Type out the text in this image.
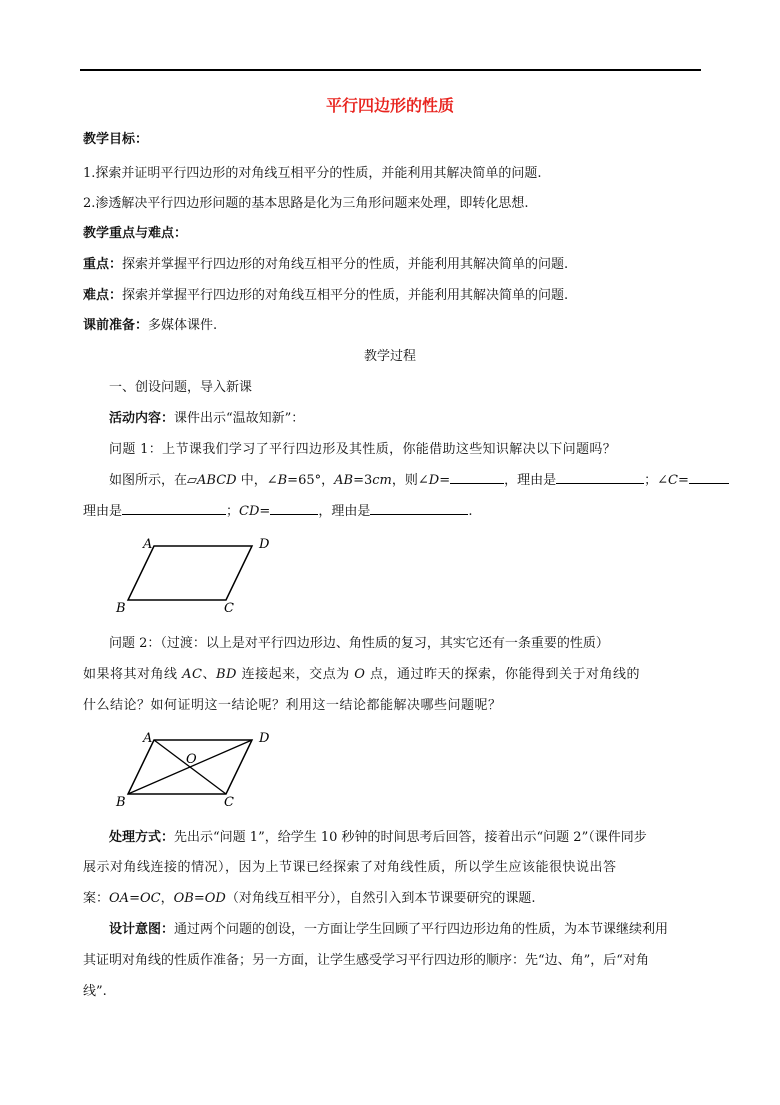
平行四边形的性质
教学目标：
1.探索并证明平行四边形的对角线互相平分的性质，并能利用其解决简单的问题.
2.渗透解决平行四边形问题的基本思路是化为三角形问题来处理，即转化思想.
教学重点与难点：
重点：探索并掌握平行四边形的对角线互相平分的性质，并能利用其解决简单的问题.
难点：探索并掌握平行四边形的对角线互相平分的性质，并能利用其解决简单的问题.
课前准备：多媒体课件.
教学过程
一、创设问题，导入新课
活动内容：课件出示“温故知新”：
问题 1：上节课我们学习了平行四边形及其性质，你能借助这些知识解决以下问题吗？
如图所示，在▱ABCD 中，∠B=65°，AB=3cm，则∠D=	，理由是	；∠C=
理由是	；CD=	，理由是	.
A	D
B	C
问题 2：（过渡：以上是对平行四边形边、角性质的复习，其实它还有一条重要的性质）
如果将其对角线 AC、BD 连接起来，交点为 O 点，通过昨天的探索，你能得到关于对角线的
什么结论？如何证明这一结论呢？利用这一结论都能解决哪些问题呢？
A	D
B	C
O
处理方式：先出示“问题 1”，给学生 10 秒钟的时间思考后回答，接着出示“问题 2”（课件同步
展示对角线连接的情况），因为上节课已经探索了对角线性质，所以学生应该能很快说出答
案：OA=OC，OB=OD（对角线互相平分），自然引入到本节课要研究的课题.
设计意图：通过两个问题的创设，一方面让学生回顾了平行四边形边角的性质，为本节课继续利用
其证明对角线的性质作准备；另一方面，让学生感受学习平行四边形的顺序：先“边、角”，后“对角
线”.
